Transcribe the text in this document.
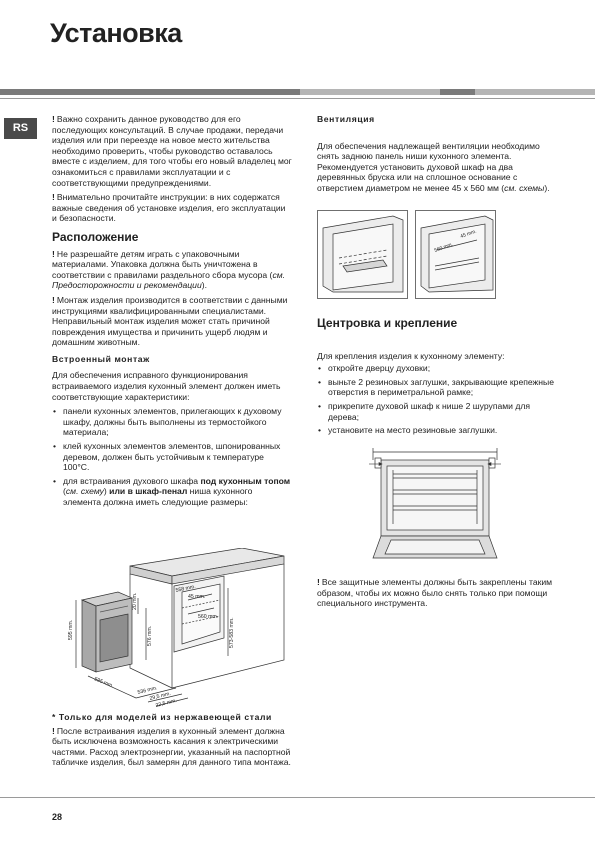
Установка
RS

! Важно сохранить данное руководство для его последующих консультаций. В случае продажи, передачи изделия или при переезде на новое место жительства необходимо проверить, чтобы руководство оставалось вместе с изделием, для того чтобы его новый владелец мог ознакомиться с правилами эксплуатации и с соответствующими предупреждениями.

! Внимательно прочитайте инструкции: в них содержатся важные сведения об установке изделия, его эксплуатации и безопасности.

Расположение

! Не разрешайте детям играть с упаковочными материалами. Упаковка должна быть уничтожена в соответствии с правилами раздельного сбора мусора (см. Предосторожности и рекомендации).

! Монтаж изделия производится в соответствии с данными инструкциями квалифицированными специалистами. Неправильный монтаж изделия может стать причиной повреждения имущества и причинить ущерб людям и домашним животным.

Встроенный монтаж

Для обеспечения исправного функционирования встраиваемого изделия кухонный элемент должен иметь соответствующие характеристики:

• панели кухонных элементов, прилегающих к духовому шкафу, должны быть выполнены из термостойкого материала;
• клей кухонных элементов элементов, шпонированных деревом, должен быть устойчивым к температуре 100°С.
• для встраивания духового шкафа под кухонным топом (см. схему) или в шкаф-пенал ниша кухонного элемента должна иметь следующие размеры:
595 mm.
20 mm.
576 mm.
558 mm.
45 mm.
560 mm.
573-583 mm.
595 mm.
536 mm.
29,5 mm.
22,5 mm.
* Только для моделей из нержавеющей стали

! После встраивания изделия в кухонный элемент должна быть исключена возможность касания к электрическими частями. Расход электроэнергии, указанный на паспортной табличке изделия, был замерян для данного типа монтажа.

Вентиляция

Для обеспечения надлежащей вентиляции необходимо снять заднюю панель ниши кухонного элемента. Рекомендуется установить духовой шкаф на два деревянных бруска или на сплошное основание с отверстием диаметром не менее 45 х 560 мм (см. схемы).

560 mm.
45 mm.
Центровка и крепление

Для крепления изделия к кухонному элементу:

• откройте дверцу духовки;
• выньте 2 резиновых заглушки, закрывающие крепежные отверстия в периметральной рамке;
• прикрепите духовой шкаф к нише 2 шурупами для дерева;
• установите на место резиновые заглушки.

! Все защитные элементы должны быть закреплены таким образом, чтобы их можно было снять только при помощи специального инструмента.

28
